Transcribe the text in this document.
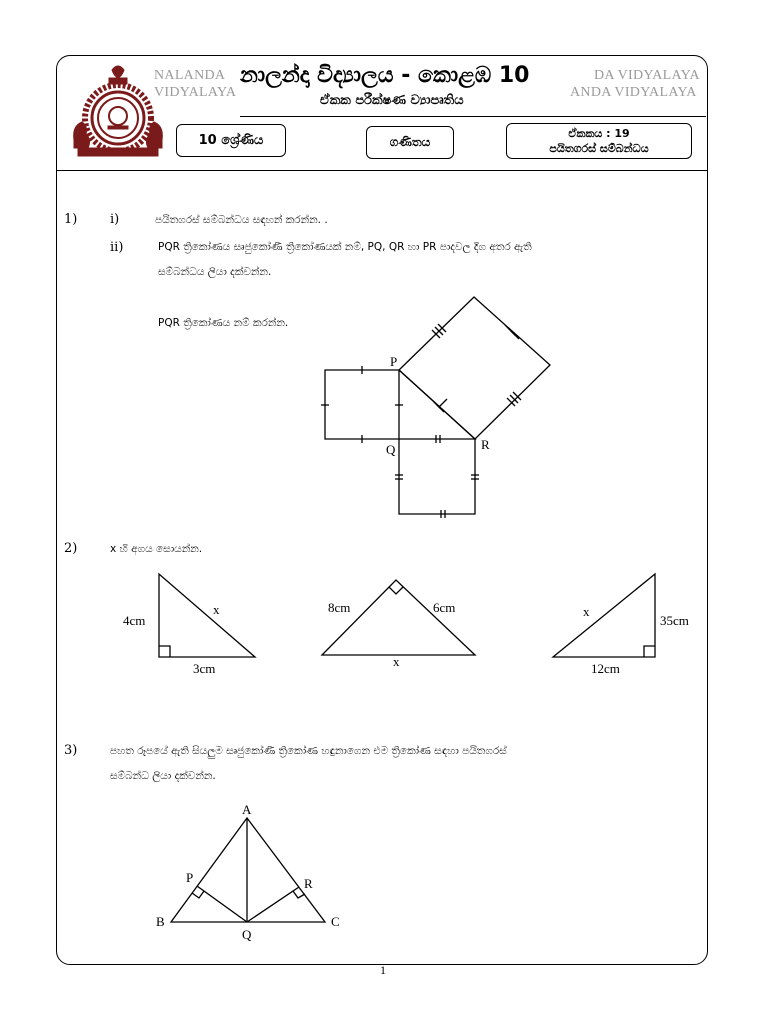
NALANDA
VIDYALAYA
DA VIDYALAYA
ANDA VIDYALAYA
නාලන්දා විද්‍යාලය - කොළඹ 10
ඒකක පරීක්ෂණ ව්‍යාපෘතිය
10 ශ්‍රේණිය	ගණිතය
ඒකකය : 19
පයිතගරස් සම්බන්ධය
1)	i)	පයිතගරස් සම්බන්ධය සඳහන් කරන්න. .
ii)	PQR ත්‍රිකෝණය සෘජුකෝණී ත්‍රිකෝණයක් නම්, PQ, QR හා PR පාදවල දිග අතර ඇති
සම්බන්ධය ලියා දක්වන්න.
PQR ත්‍රිකෝණය නම් කරන්න.
P
Q	R
2)	x හි අගය සොයන්න.
4cm
x
3cm
8cm	6cm
x
x
35cm
12cm
3)	පහත රූපයේ ඇති සියලුම සෘජුකෝණී ත්‍රිකෝණ හඳුනාගෙන එම ත්‍රිකෝණ සඳහා පයිතගරස්
සම්බන්ධ ලියා දක්වන්න.
A
P	R
B
Q
C
1
